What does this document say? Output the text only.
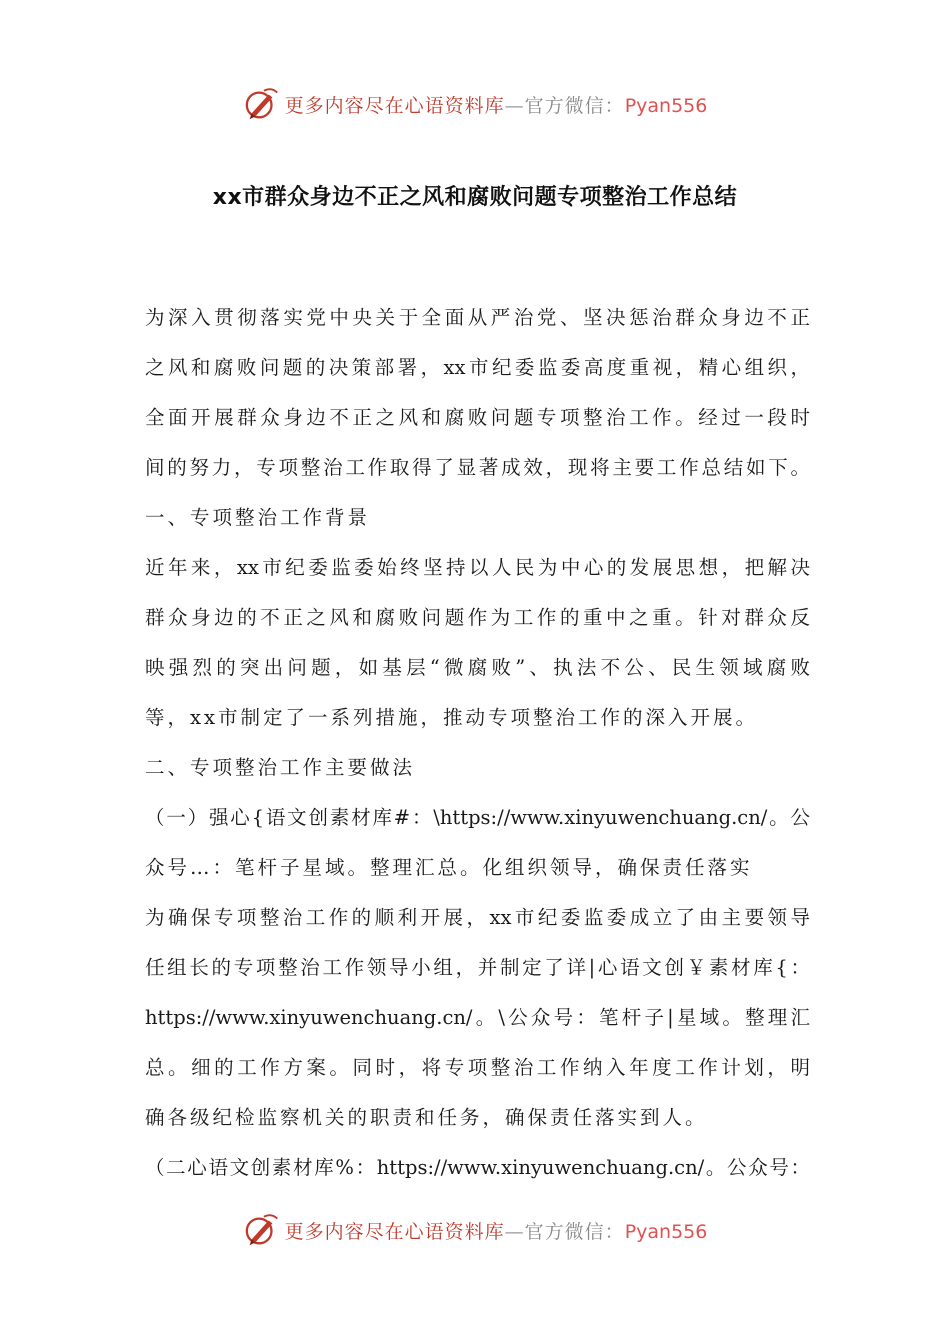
更多内容尽在心语资料库—官方微信：Pyan556
xx市群众身边不正之风和腐败问题专项整治工作总结
为深入贯彻落实党中央关于全面从严治党、坚决惩治群众身边不正
之风和腐败问题的决策部署，xx市纪委监委高度重视，精心组织，
全面开展群众身边不正之风和腐败问题专项整治工作。经过一段时
间的努力，专项整治工作取得了显著成效，现将主要工作总结如下。
一、专项整治工作背景
近年来，xx市纪委监委始终坚持以人民为中心的发展思想，把解决
群众身边的不正之风和腐败问题作为工作的重中之重。针对群众反
映强烈的突出问题，如基层“微腐败”、执法不公、民生领域腐败
等，xx市制定了一系列措施，推动专项整治工作的深入开展。
二、专项整治工作主要做法
（一）强心{语文创素材库#：\https://www.xinyuwenchuang.cn/。公
众号…：笔杆子星域。整理汇总。化组织领导，确保责任落实
为确保专项整治工作的顺利开展，xx市纪委监委成立了由主要领导
任组长的专项整治工作领导小组，并制定了详|心语文创￥素材库{：
https://www.xinyuwenchuang.cn/。\公众号：笔杆子|星域。整理汇
总。细的工作方案。同时，将专项整治工作纳入年度工作计划，明
确各级纪检监察机关的职责和任务，确保责任落实到人。
（二心语文创素材库%：https://www.xinyuwenchuang.cn/。公众号：
更多内容尽在心语资料库—官方微信：Pyan556
